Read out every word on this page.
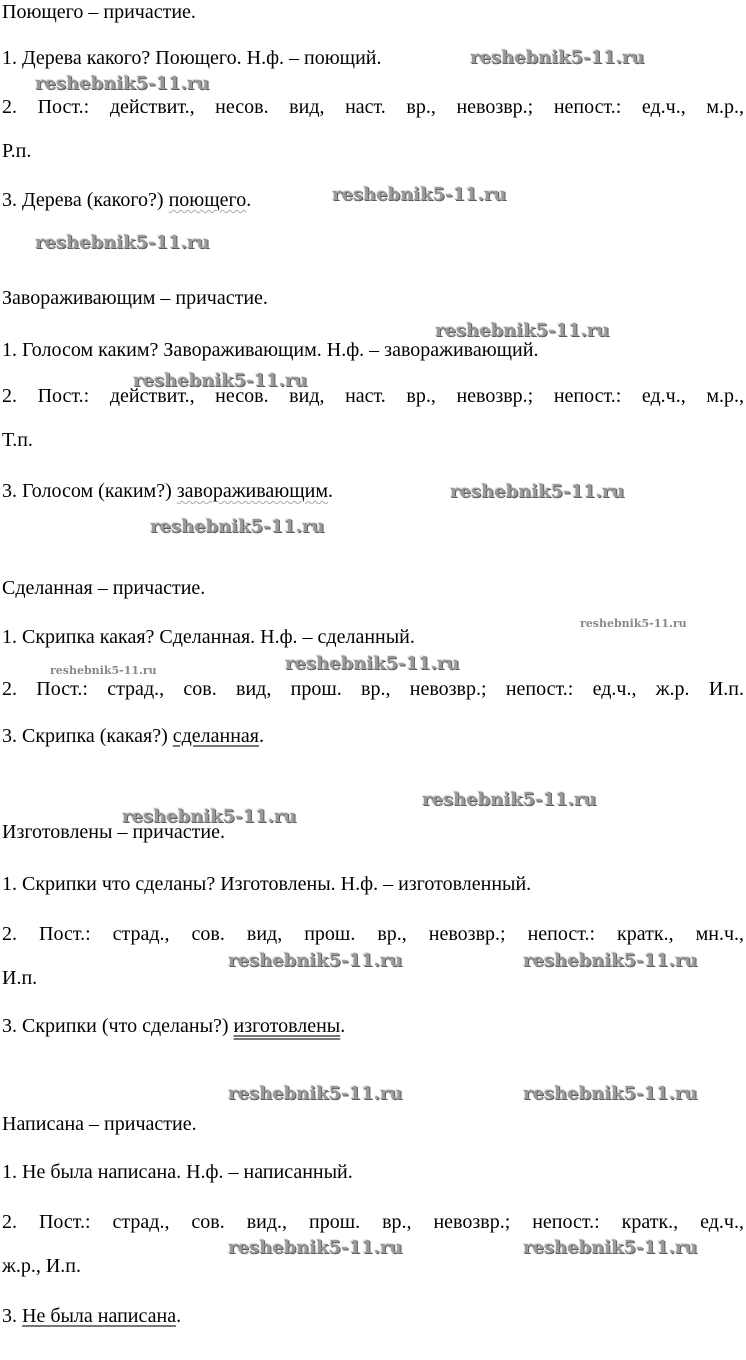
Поющего – причастие.
1. Дерева какого? Поющего. Н.ф. – поющий.
2. Пост.: действит., несов. вид, наст. вр., невозвр.; непост.: ед.ч., м.р.,
Р.п.
3. Дерева (какого?) поющего.
Завораживающим – причастие.
1. Голосом каким? Завораживающим. Н.ф. – завораживающий.
2. Пост.: действит., несов. вид, наст. вр., невозвр.; непост.: ед.ч., м.р.,
Т.п.
3. Голосом (каким?) завораживающим.
Сделанная – причастие.
1. Скрипка какая? Сделанная. Н.ф. – сделанный.
2. Пост.: страд., сов. вид, прош. вр., невозвр.; непост.: ед.ч., ж.р. И.п.
3. Скрипка (какая?) сделанная.
Изготовлены – причастие.
1. Скрипки что сделаны? Изготовлены. Н.ф. – изготовленный.
2. Пост.: страд., сов. вид, прош. вр., невозвр.; непост.: кратк., мн.ч.,
И.п.
3. Скрипки (что сделаны?) изготовлены.
Написана – причастие.
1. Не была написана. Н.ф. – написанный.
2. Пост.: страд., сов. вид., прош. вр., невозвр.; непост.: кратк., ед.ч.,
ж.р., И.п.
3. Не была написана.
reshebnik5-11.ru
reshebnik5-11.ru
reshebnik5-11.ru
reshebnik5-11.ru
reshebnik5-11.ru
reshebnik5-11.ru
reshebnik5-11.ru
reshebnik5-11.ru
reshebnik5-11.ru
reshebnik5-11.ru	reshebnik5-11.ru
reshebnik5-11.ru
reshebnik5-11.ru
reshebnik5-11.ru	reshebnik5-11.ru
reshebnik5-11.ru	reshebnik5-11.ru
reshebnik5-11.ru	reshebnik5-11.ru
